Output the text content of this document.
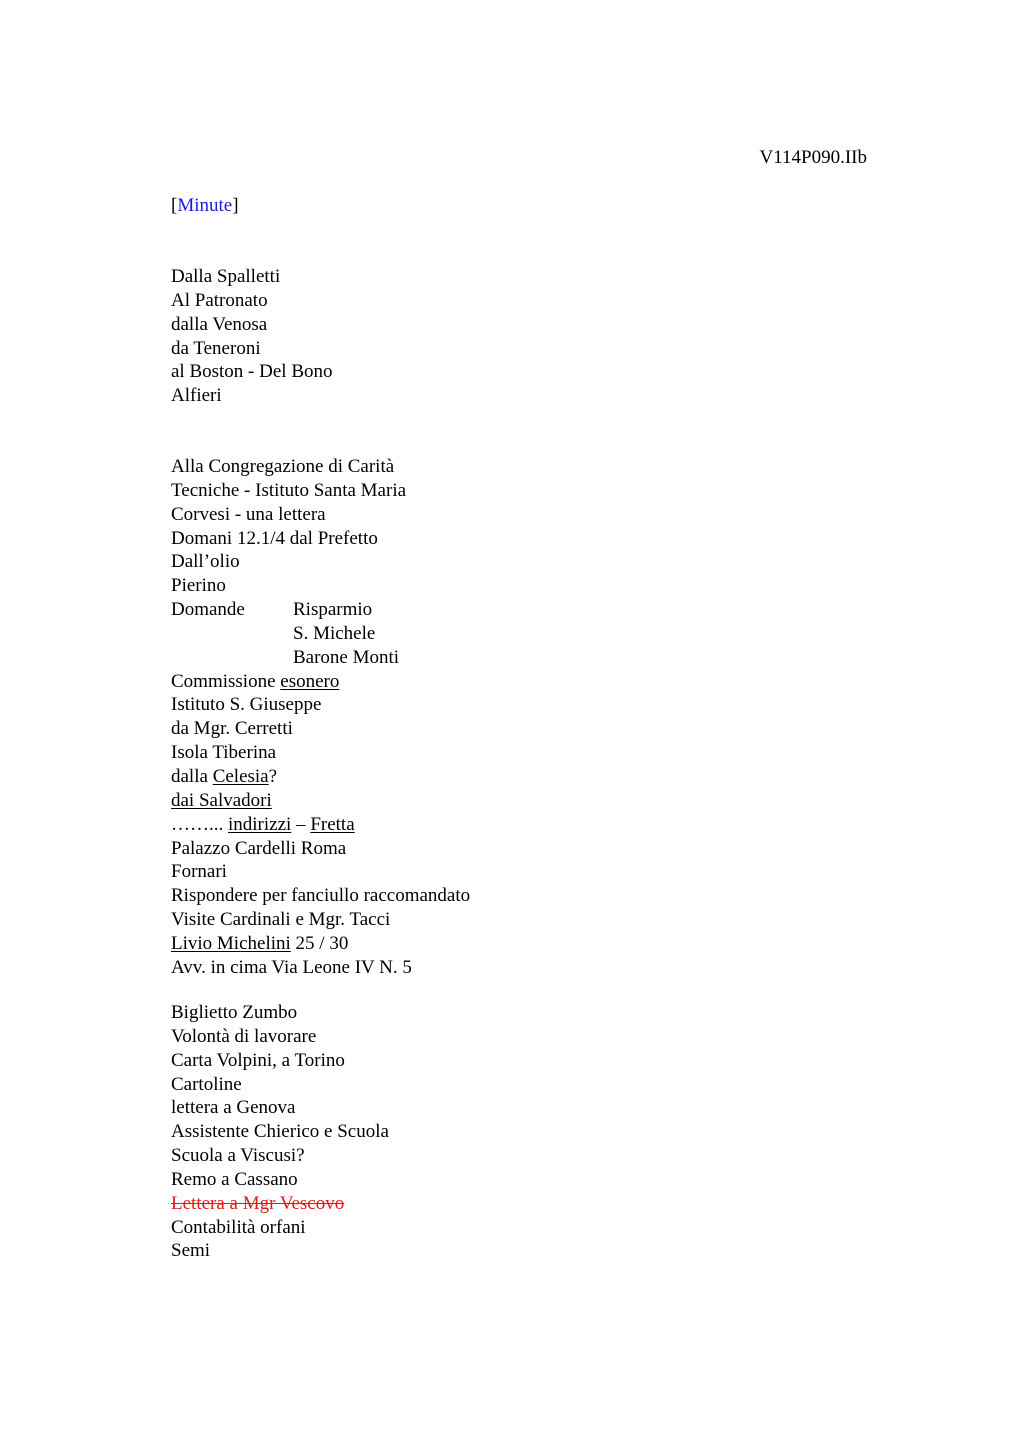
V114P090.IIb
[Minute]
Dalla Spalletti
Al Patronato
dalla Venosa
da Teneroni
al Boston - Del Bono
Alfieri
Alla Congregazione di Carità
Tecniche - Istituto Santa Maria
Corvesi - una lettera
Domani 12.1/4 dal Prefetto
Dall’olio
Pierino
Domande	Risparmio
S. Michele
Barone Monti
Commissione esonero
Istituto S. Giuseppe
da Mgr. Cerretti
Isola Tiberina
dalla Celesia?
dai Salvadori
……... indirizzi – Fretta
Palazzo Cardelli Roma
Fornari
Rispondere per fanciullo raccomandato
Visite Cardinali e Mgr. Tacci
Livio Michelini 25 / 30
Avv. in cima Via Leone IV N. 5
Biglietto Zumbo
Volontà di lavorare
Carta Volpini, a Torino
Cartoline
lettera a Genova
Assistente Chierico e Scuola
Scuola a Viscusi?
Remo a Cassano
Lettera a Mgr Vescovo
Contabilità orfani
Semi
